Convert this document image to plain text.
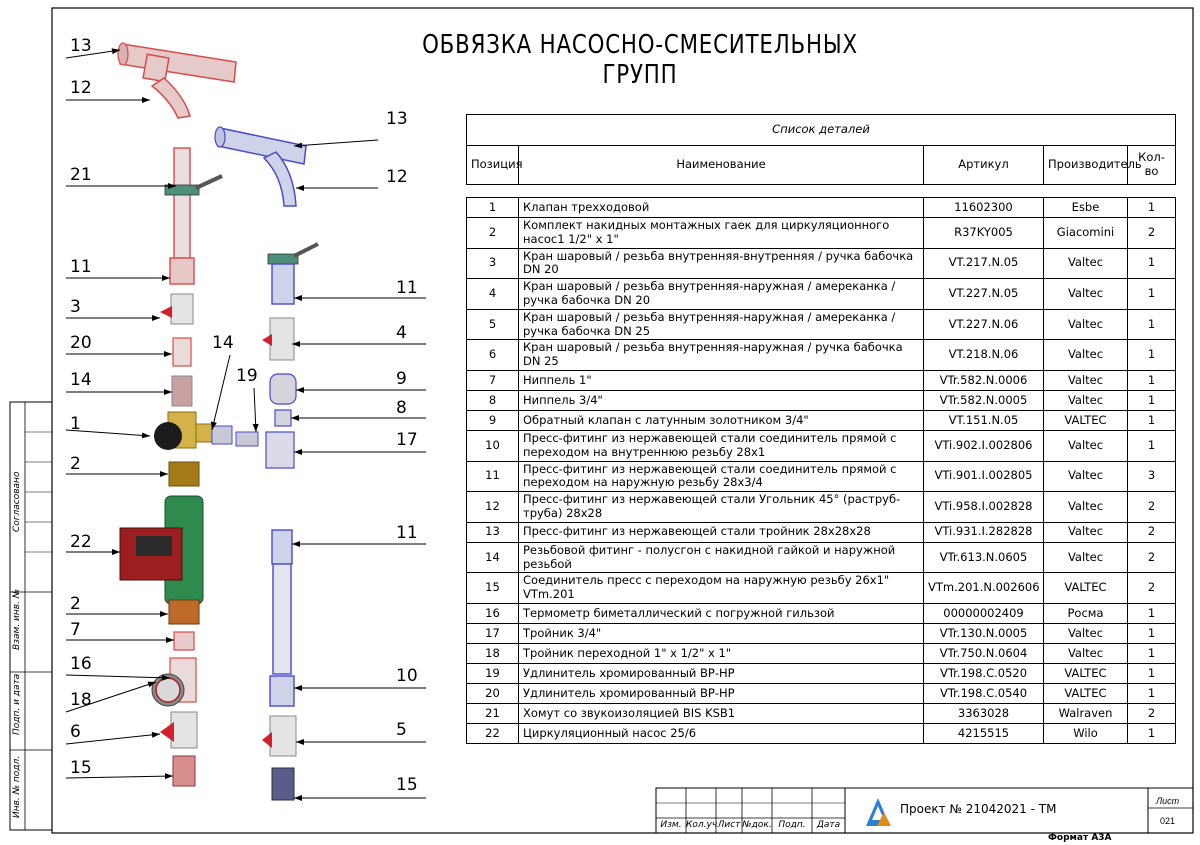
ОБВЯЗКА НАСОСНО-СМЕСИТЕЛЬНЫХ ГРУПП
13
12
21
11
3
20
14
1
2
22
2
7
16
18
6
15
14
19
13
12
11
4
9
8
17
11
10
5
15
Список деталей				
Позиция	Наименование	Артикул	Производитель	Кол-во

1	Клапан трехходовой	11602300	Esbe	1
2	Комплект накидных монтажных гаек для циркуляционного насос1 1/2" x 1"	R37KY005	Giacomini	2
3	Кран шаровый / резьба внутренняя-внутренняя / ручка бабочка DN 20	VT.217.N.05	Valtec	1
4	Кран шаровый / резьба внутренняя-наружная / амереканка / ручка бабочка DN 20	VT.227.N.05	Valtec	1
5	Кран шаровый / резьба внутренняя-наружная / амереканка / ручка бабочка DN 25	VT.227.N.06	Valtec	1
6	Кран шаровый / резьба внутренняя-наружная / ручка бабочка DN 25	VT.218.N.06	Valtec	1
7	Ниппель 1"	VTr.582.N.0006	Valtec	1
8	Ниппель 3/4"	VTr.582.N.0005	Valtec	1
9	Обратный клапан с латунным золотником 3/4"	VT.151.N.05	VALTEC	1
10	Пресс-фитинг из нержавеющей стали соединитель прямой с переходом на внутреннюю резьбу 28x1	VTi.902.I.002806	Valtec	1
11	Пресс-фитинг из нержавеющей стали соединитель прямой с переходом на наружную резьбу 28x3/4	VTi.901.I.002805	Valtec	3
12	Пресс-фитинг из нержавеющей стали Угольник 45° (раструб-труба) 28x28	VTi.958.I.002828	Valtec	2
13	Пресс-фитинг из нержавеющей стали тройник 28x28x28	VTi.931.I.282828	Valtec	2
14	Резьбовой фитинг - полусгон с накидной гайкой и наружной резьбой	VTr.613.N.0605	Valtec	2
15	Соединитель пресс с переходом на наружную резьбу 26x1" VTm.201	VTm.201.N.002606	VALTEC	2
16	Термометр биметаллический с погружной гильзой	00000002409	Росма	1
17	Тройник 3/4"	VTr.130.N.0005	Valtec	1
18	Тройник переходной 1" x 1/2" x 1"	VTr.750.N.0604	Valtec	1
19	Удлинитель хромированный ВР-НР	VTr.198.C.0520	VALTEC	1
20	Удлинитель хромированный ВР-НР	VTr.198.C.0540	VALTEC	1
21	Хомут со звукоизоляцией BIS KSB1	3363028	Walraven	2
22	Циркуляционный насос 25/6	4215515	Wilo	1
Согласовано
Взам. инв. №
Подп. и дата
Инв. № подл.
Изм. Кол.уч Лист №док. Подп.	Дата
Проект № 21042021 - ТМ
Лист
021
Формат А3А
